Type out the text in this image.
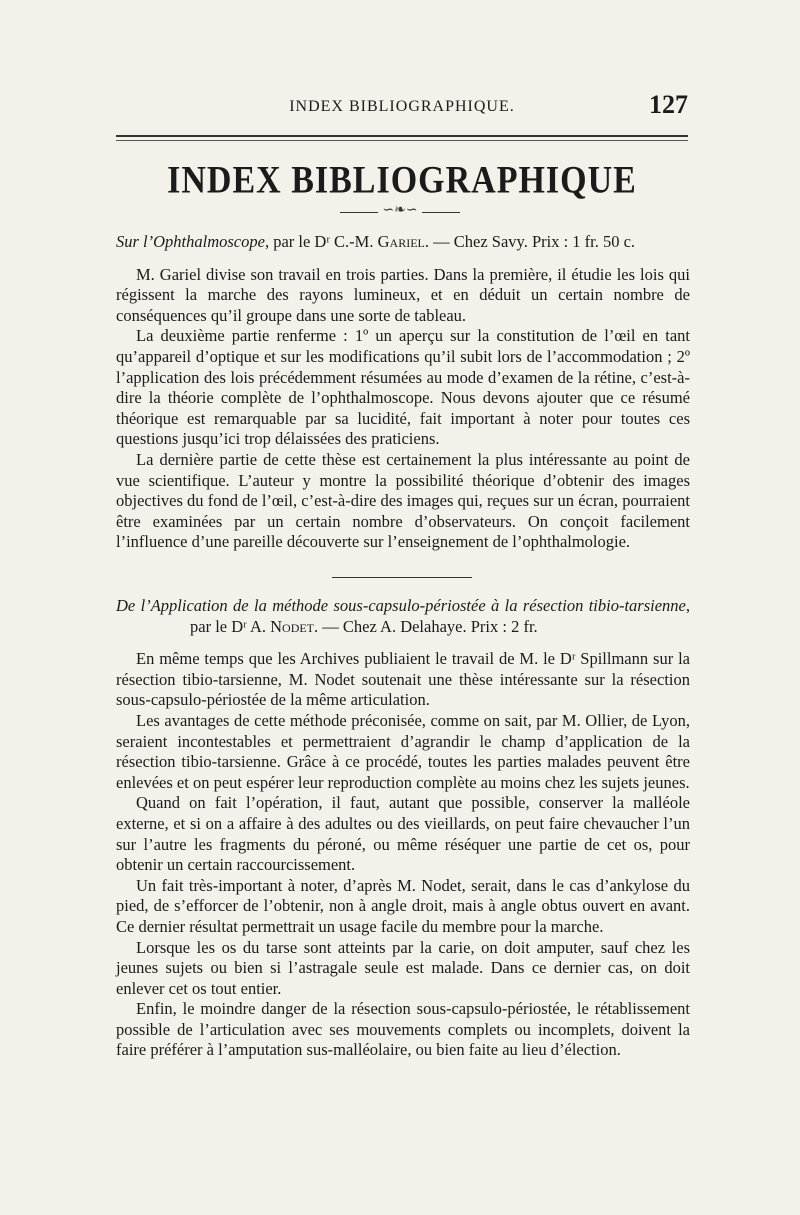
INDEX BIBLIOGRAPHIQUE.	127
INDEX BIBLIOGRAPHIQUE
∽❧∽

Sur l’Ophthalmoscope, par le Dʳ C.-M. Gariel. — Chez Savy. Prix : 1 fr. 50 c.

M. Gariel divise son travail en trois parties. Dans la première, il étudie les lois qui régissent la marche des rayons lumineux, et en déduit un certain nombre de conséquences qu’il groupe dans une sorte de tableau.

La deuxième partie renferme : 1º un aperçu sur la constitution de l’œil en tant qu’appareil d’optique et sur les modifications qu’il subit lors de l’accommodation ; 2º l’application des lois précédemment résumées au mode d’examen de la rétine, c’est-à-dire la théorie complète de l’ophthalmoscope. Nous devons ajouter que ce résumé théorique est remarquable par sa lucidité, fait important à noter pour toutes ces questions jusqu’ici trop délaissées des praticiens.

La dernière partie de cette thèse est certainement la plus intéressante au point de vue scientifique. L’auteur y montre la possibilité théorique d’obtenir des images objectives du fond de l’œil, c’est-à-dire des images qui, reçues sur un écran, pourraient être examinées par un certain nombre d’observateurs. On conçoit facilement l’influence d’une pareille découverte sur l’enseignement de l’ophthalmologie.

De l’Application de la méthode sous-capsulo-périostée à la résection tibio-tarsienne, par le Dʳ A. Nodet. — Chez A. Delahaye. Prix : 2 fr.

En même temps que les Archives publiaient le travail de M. le Dʳ Spillmann sur la résection tibio-tarsienne, M. Nodet soutenait une thèse intéressante sur la résection sous-capsulo-périostée de la même articulation.

Les avantages de cette méthode préconisée, comme on sait, par M. Ollier, de Lyon, seraient incontestables et permettraient d’agrandir le champ d’application de la résection tibio-tarsienne. Grâce à ce procédé, toutes les parties malades peuvent être enlevées et on peut espérer leur reproduction complète au moins chez les sujets jeunes.

Quand on fait l’opération, il faut, autant que possible, conserver la malléole externe, et si on a affaire à des adultes ou des vieillards, on peut faire chevaucher l’un sur l’autre les fragments du péroné, ou même réséquer une partie de cet os, pour obtenir un certain raccourcissement.

Un fait très-important à noter, d’après M. Nodet, serait, dans le cas d’ankylose du pied, de s’efforcer de l’obtenir, non à angle droit, mais à angle obtus ouvert en avant. Ce dernier résultat permettrait un usage facile du membre pour la marche.

Lorsque les os du tarse sont atteints par la carie, on doit amputer, sauf chez les jeunes sujets ou bien si l’astragale seule est malade. Dans ce dernier cas, on doit enlever cet os tout entier.

Enfin, le moindre danger de la résection sous-capsulo-périostée, le rétablissement possible de l’articulation avec ses mouvements complets ou incomplets, doivent la faire préférer à l’amputation sus-malléolaire, ou bien faite au lieu d’élection.
